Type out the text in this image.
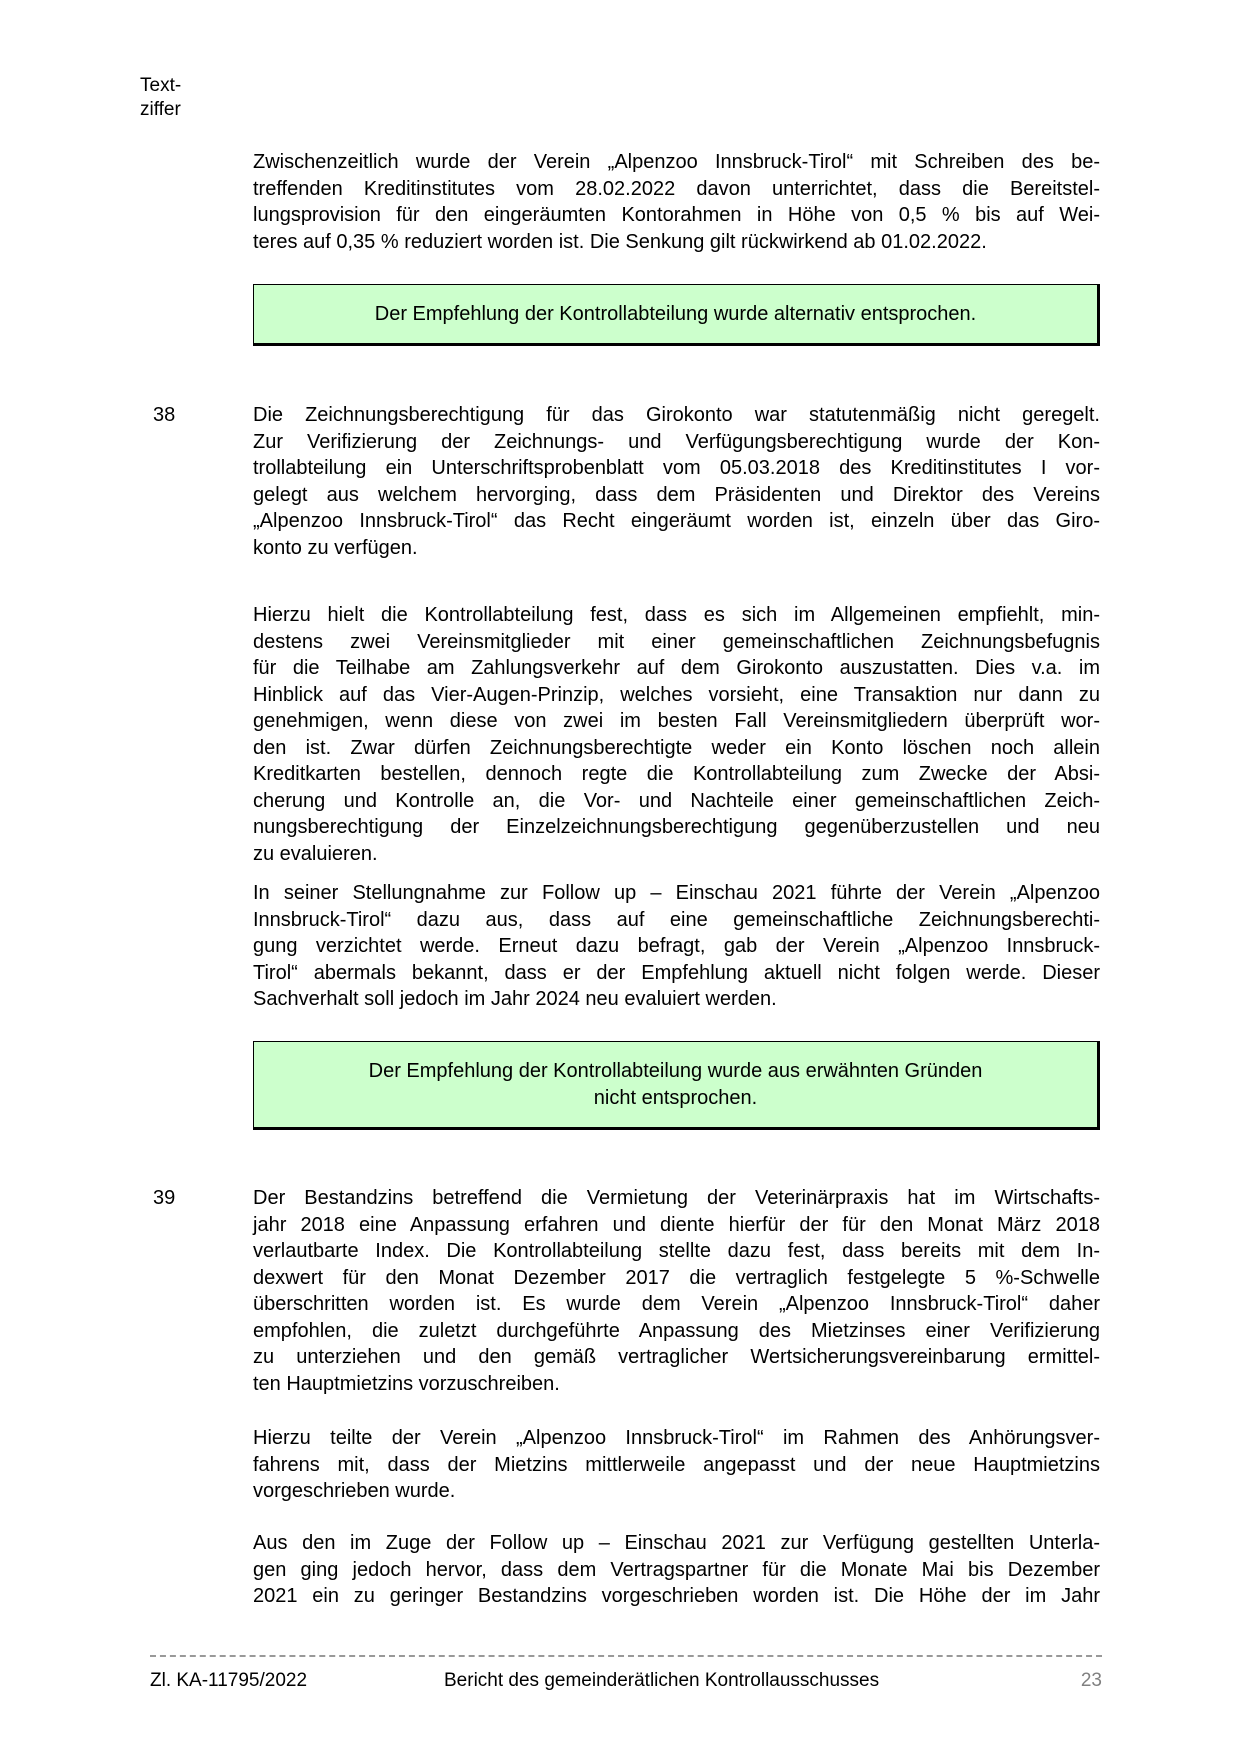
Text-
ziffer
Zwischenzeitlich wurde der Verein „Alpenzoo Innsbruck-Tirol“ mit Schreiben des be-
treffenden Kreditinstitutes vom 28.02.2022 davon unterrichtet, dass die Bereitstel-
lungsprovision für den eingeräumten Kontorahmen in Höhe von 0,5 % bis auf Wei-
teres auf 0,35 % reduziert worden ist. Die Senkung gilt rückwirkend ab 01.02.2022.
Der Empfehlung der Kontrollabteilung wurde alternativ entsprochen.
38	Die Zeichnungsberechtigung für das Girokonto war statutenmäßig nicht geregelt.
Zur Verifizierung der Zeichnungs- und Verfügungsberechtigung wurde der Kon-
trollabteilung ein Unterschriftsprobenblatt vom 05.03.2018 des Kreditinstitutes I vor-
gelegt aus welchem hervorging, dass dem Präsidenten und Direktor des Vereins
„Alpenzoo Innsbruck-Tirol“ das Recht eingeräumt worden ist, einzeln über das Giro-
konto zu verfügen.
Hierzu hielt die Kontrollabteilung fest, dass es sich im Allgemeinen empfiehlt, min-
destens zwei Vereinsmitglieder mit einer gemeinschaftlichen Zeichnungsbefugnis
für die Teilhabe am Zahlungsverkehr auf dem Girokonto auszustatten. Dies v.a. im
Hinblick auf das Vier-Augen-Prinzip, welches vorsieht, eine Transaktion nur dann zu
genehmigen, wenn diese von zwei im besten Fall Vereinsmitgliedern überprüft wor-
den ist. Zwar dürfen Zeichnungsberechtigte weder ein Konto löschen noch allein
Kreditkarten bestellen, dennoch regte die Kontrollabteilung zum Zwecke der Absi-
cherung und Kontrolle an, die Vor- und Nachteile einer gemeinschaftlichen Zeich-
nungsberechtigung der Einzelzeichnungsberechtigung gegenüberzustellen und neu
zu evaluieren.
In seiner Stellungnahme zur Follow up – Einschau 2021 führte der Verein „Alpenzoo
Innsbruck-Tirol“ dazu aus, dass auf eine gemeinschaftliche Zeichnungsberechti-
gung verzichtet werde. Erneut dazu befragt, gab der Verein „Alpenzoo Innsbruck-
Tirol“ abermals bekannt, dass er der Empfehlung aktuell nicht folgen werde. Dieser
Sachverhalt soll jedoch im Jahr 2024 neu evaluiert werden.
Der Empfehlung der Kontrollabteilung wurde aus erwähnten Gründen
nicht entsprochen.
39	Der Bestandzins betreffend die Vermietung der Veterinärpraxis hat im Wirtschafts-
jahr 2018 eine Anpassung erfahren und diente hierfür der für den Monat März 2018
verlautbarte Index. Die Kontrollabteilung stellte dazu fest, dass bereits mit dem In-
dexwert für den Monat Dezember 2017 die vertraglich festgelegte 5 %-Schwelle
überschritten worden ist. Es wurde dem Verein „Alpenzoo Innsbruck-Tirol“ daher
empfohlen, die zuletzt durchgeführte Anpassung des Mietzinses einer Verifizierung
zu unterziehen und den gemäß vertraglicher Wertsicherungsvereinbarung ermittel-
ten Hauptmietzins vorzuschreiben.
Hierzu teilte der Verein „Alpenzoo Innsbruck-Tirol“ im Rahmen des Anhörungsver-
fahrens mit, dass der Mietzins mittlerweile angepasst und der neue Hauptmietzins
vorgeschrieben wurde.
Aus den im Zuge der Follow up – Einschau 2021 zur Verfügung gestellten Unterla-
gen ging jedoch hervor, dass dem Vertragspartner für die Monate Mai bis Dezember
2021 ein zu geringer Bestandzins vorgeschrieben worden ist. Die Höhe der im Jahr
Zl. KA-11795/2022	Bericht des gemeinderätlichen Kontrollausschusses	23
